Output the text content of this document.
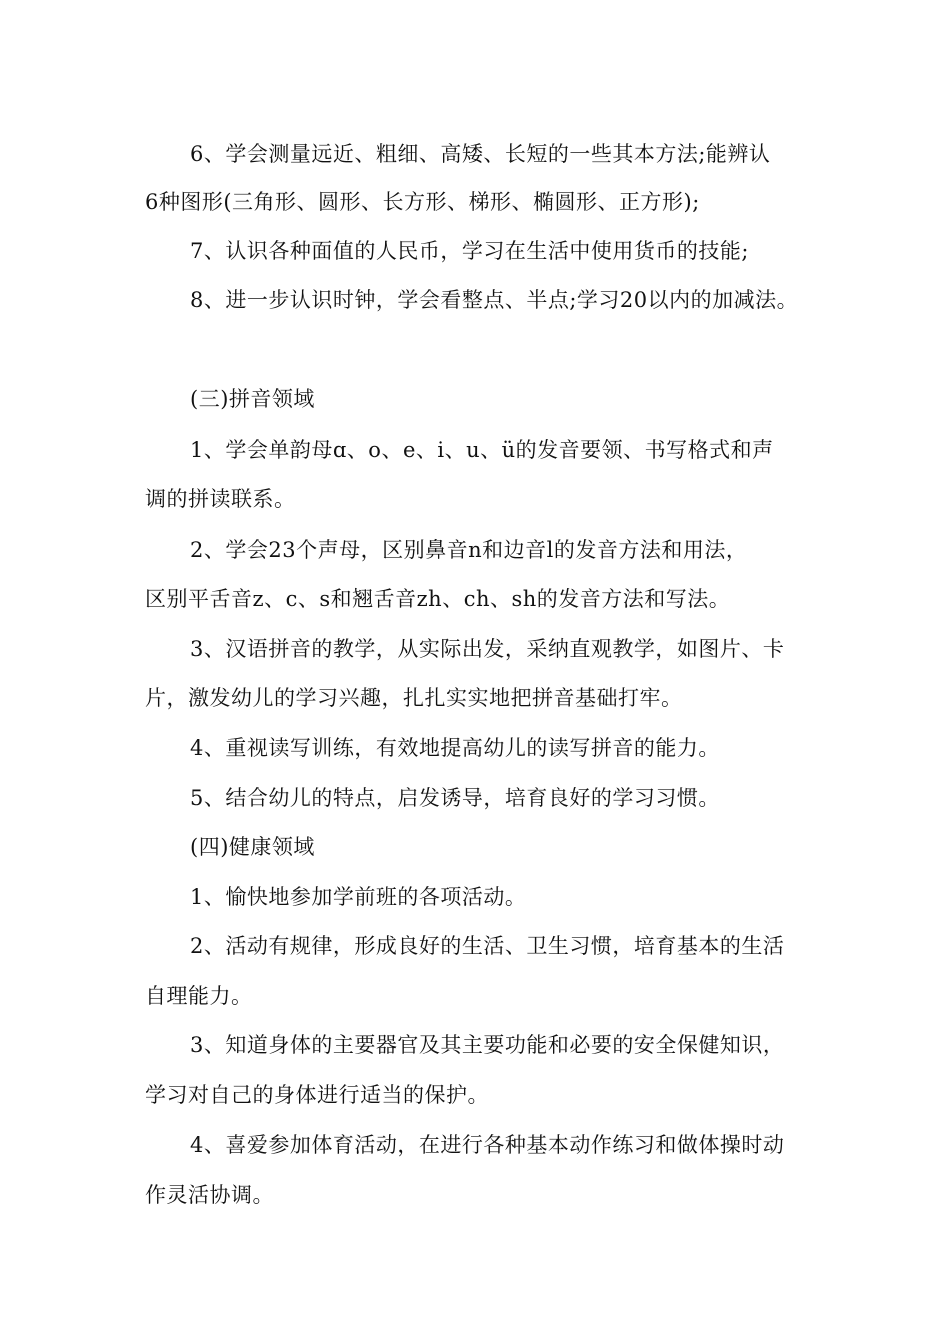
6、学会测量远近、粗细、高矮、长短的一些其本方法;能辨认
6种图形(三角形、圆形、长方形、梯形、椭圆形、正方形);
7、认识各种面值的人民币，学习在生活中使用货币的技能;
8、进一步认识时钟，学会看整点、半点;学习20以内的加减法。
(三)拼音领域
1、学会单韵母ɑ、o、e、i、u、ü的发音要领、书写格式和声
调的拼读联系。
2、学会23个声母，区别鼻音n和边音l的发音方法和用法，
区别平舌音z、c、s和翘舌音zh、ch、sh的发音方法和写法。
3、汉语拼音的教学，从实际出发，采纳直观教学，如图片、卡
片，激发幼儿的学习兴趣，扎扎实实地把拼音基础打牢。
4、重视读写训练，有效地提高幼儿的读写拼音的能力。
5、结合幼儿的特点，启发诱导，培育良好的学习习惯。
(四)健康领域
1、愉快地参加学前班的各项活动。
2、活动有规律，形成良好的生活、卫生习惯，培育基本的生活
自理能力。
3、知道身体的主要器官及其主要功能和必要的安全保健知识，
学习对自己的身体进行适当的保护。
4、喜爱参加体育活动，在进行各种基本动作练习和做体操时动
作灵活协调。
